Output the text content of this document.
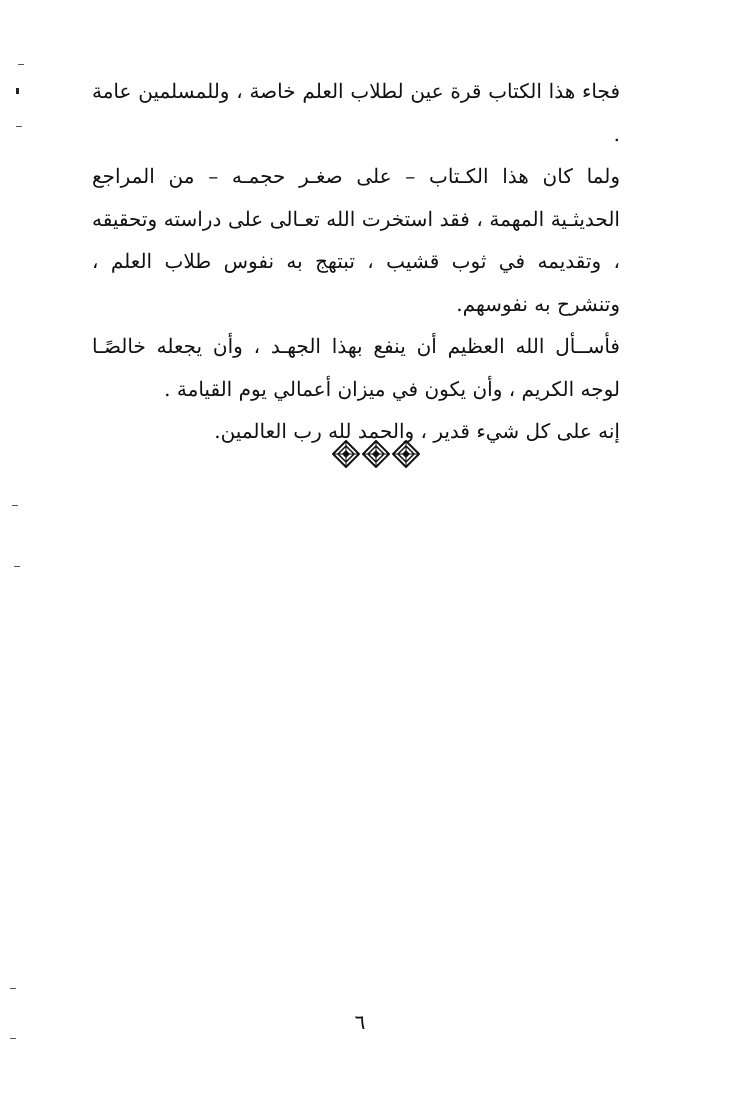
فجاء هذا الكتاب قرة عين لطلاب العلم خاصة ، وللمسلمين عامة .

ولما كان هذا الكـتاب – على صغـر حجمـه – من المراجع الحديثـية المهمة ، فقد استخرت الله تعـالى على دراسته وتحقيقه ، وتقديمه في ثوب قشيب ، تبتهج به نفوس طلاب العلم ، وتنشرح به نفوسهم.

فأســأل الله العظيم أن ينفع بهذا الجهـد ، وأن يجعله خالصًـا لوجه الكريم ، وأن يكون في ميزان أعمالي يوم القيامة .

إنه على كل شيء قدير ، والحمد لله رب العالمين.

٦
